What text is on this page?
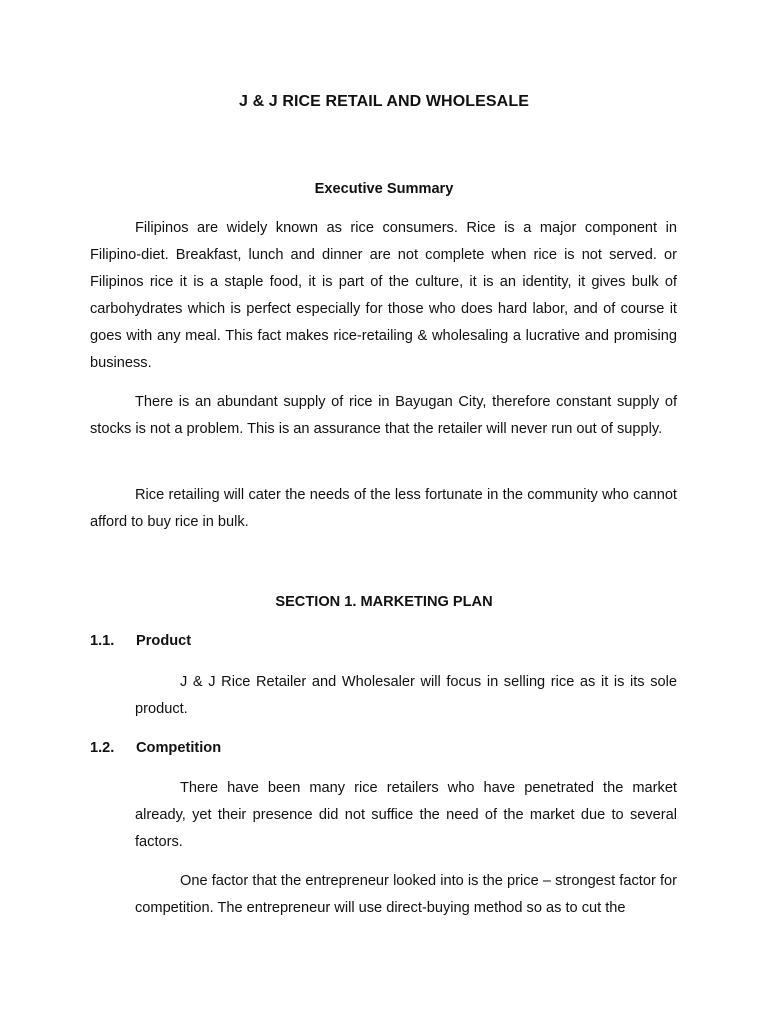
J & J RICE RETAIL AND WHOLESALE
Executive Summary

Filipinos are widely known as rice consumers. Rice is a major component in Filipino-diet. Breakfast, lunch and dinner are not complete when rice is not served. or Filipinos rice it is a staple food, it is part of the culture, it is an identity, it gives bulk of carbohydrates which is perfect especially for those who does hard labor, and of course it goes with any meal. This fact makes rice-retailing & wholesaling a lucrative and promising business.

There is an abundant supply of rice in Bayugan City, therefore constant supply of stocks is not a problem. This is an assurance that the retailer will never run out of supply.

Rice retailing will cater the needs of the less fortunate in the community who cannot afford to buy rice in bulk.

SECTION 1. MARKETING PLAN
1.1. Product

J & J Rice Retailer and Wholesaler will focus in selling rice as it is its sole product.

1.2. Competition

There have been many rice retailers who have penetrated the market already, yet their presence did not suffice the need of the market due to several factors.

One factor that the entrepreneur looked into is the price – strongest factor for competition. The entrepreneur will use direct-buying method so as to cut the
